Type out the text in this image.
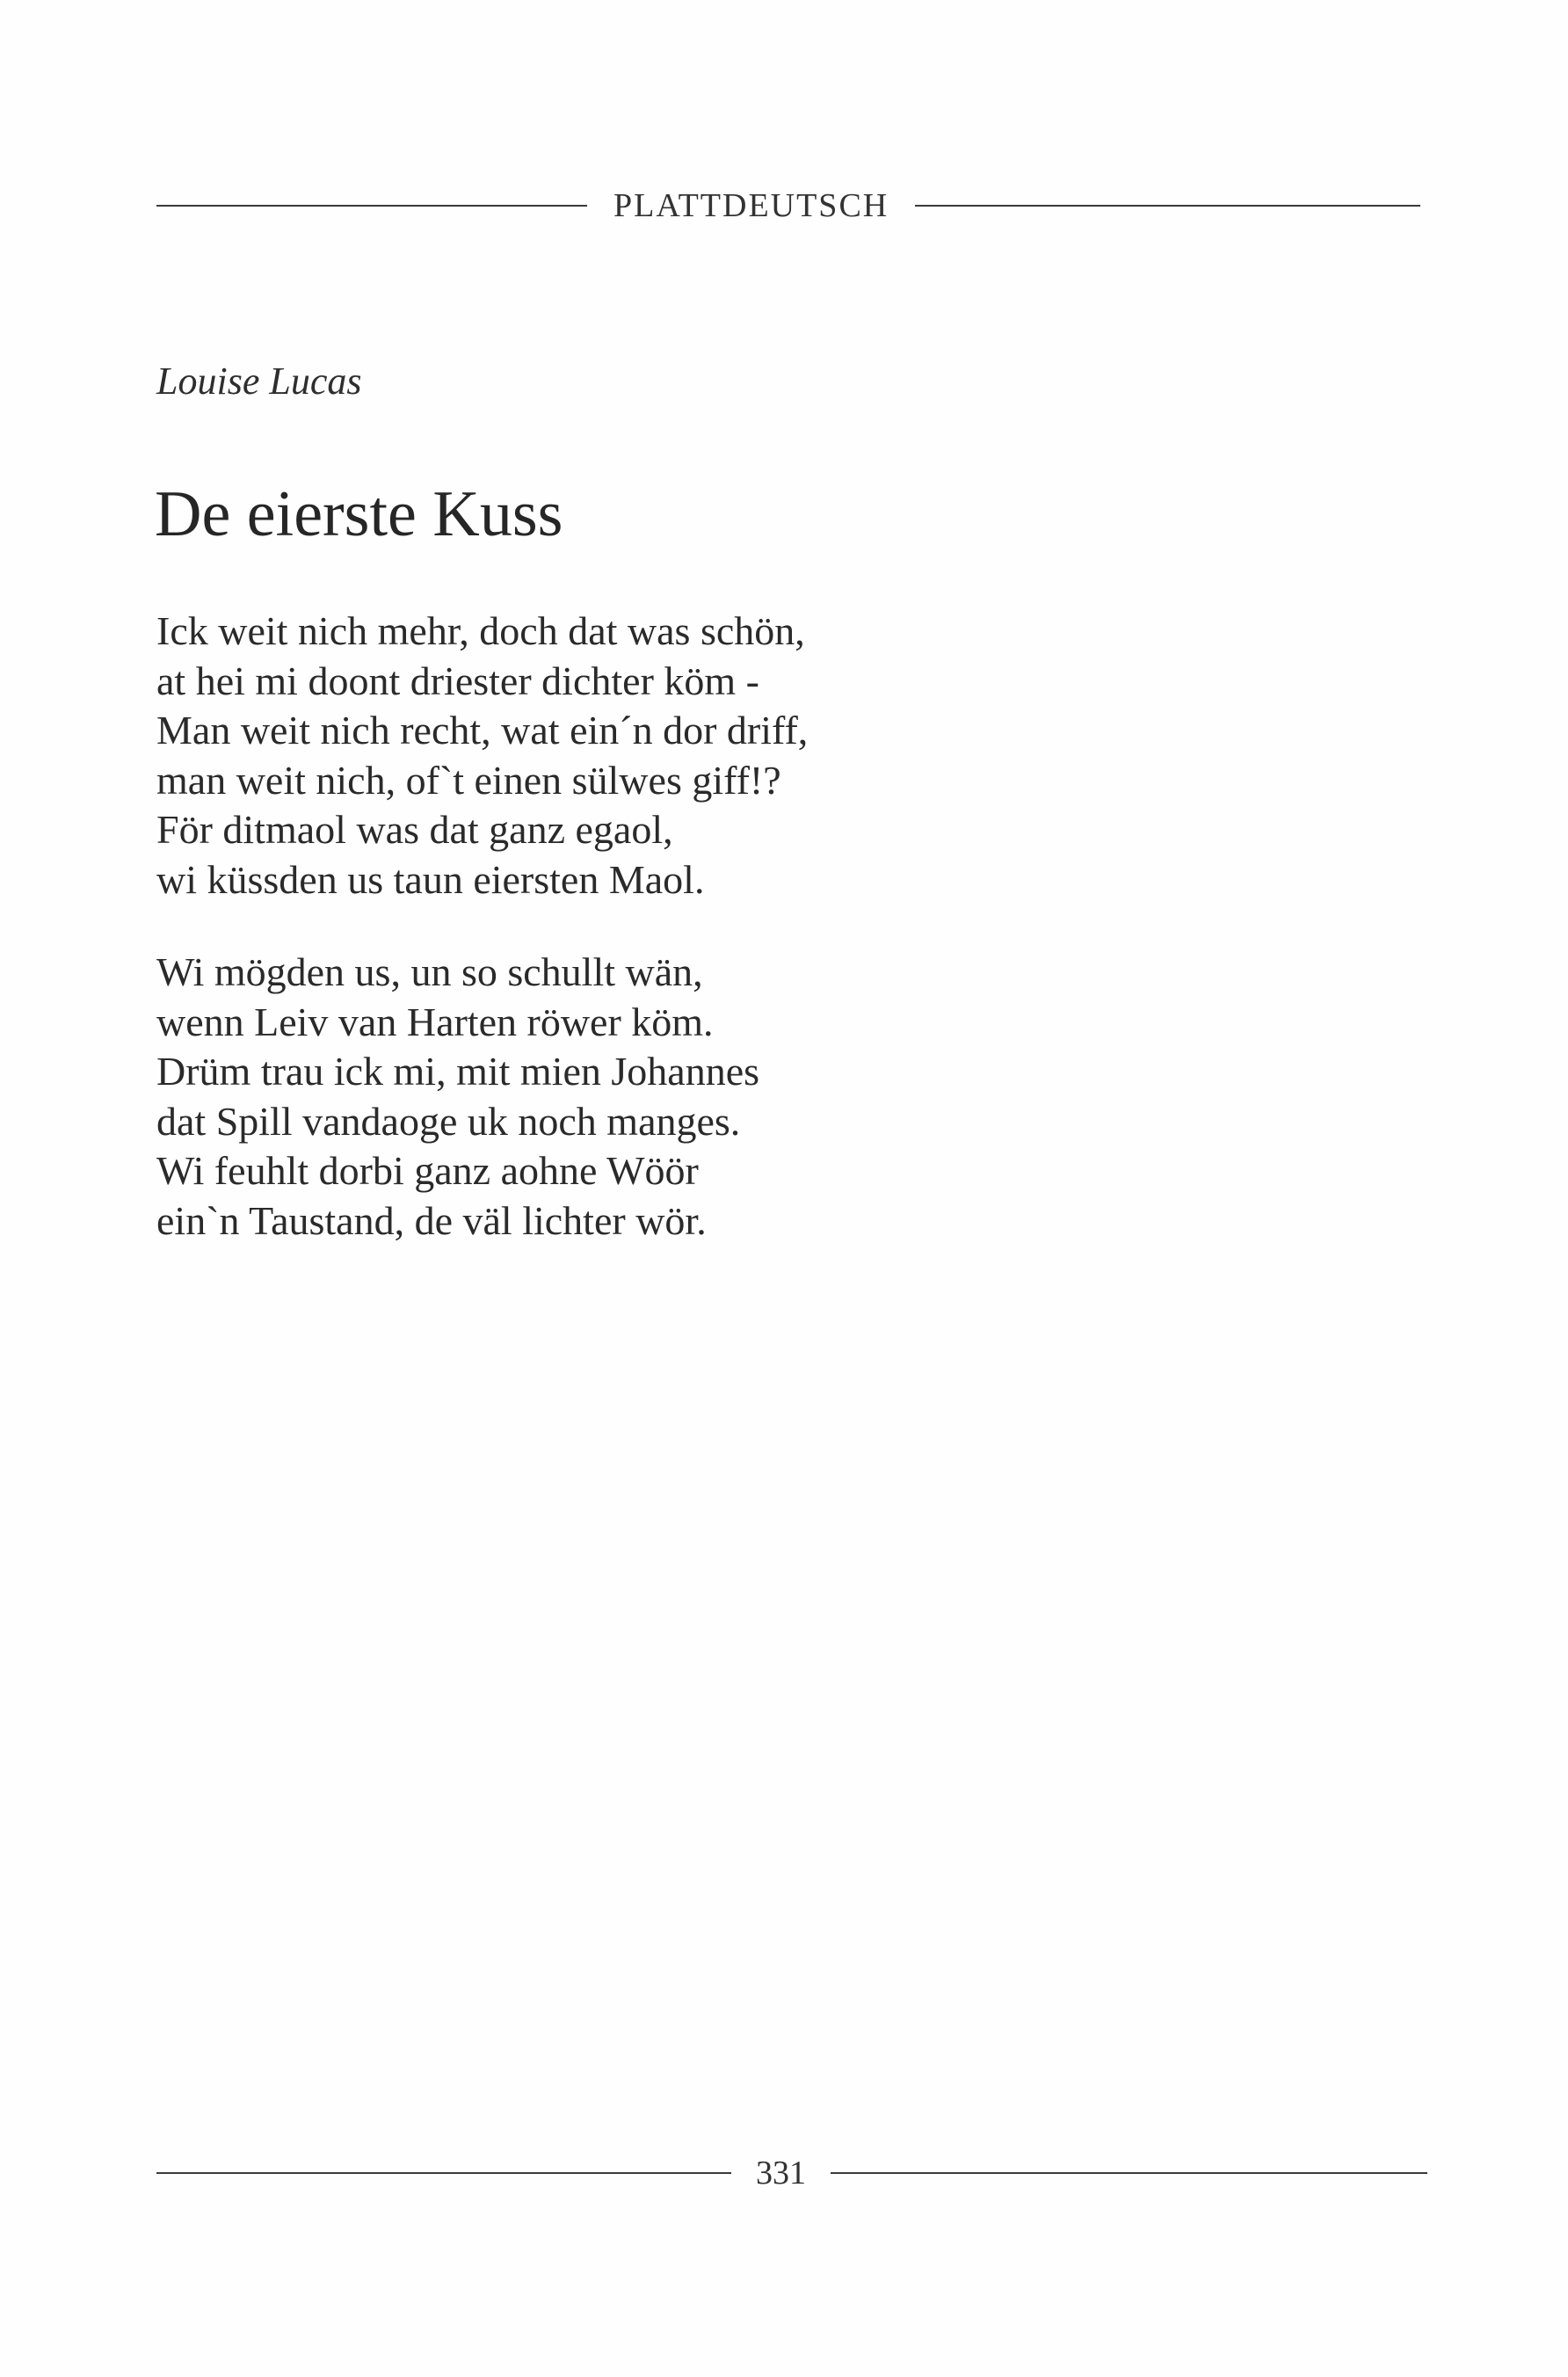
PLATTDEUTSCH
Louise Lucas
De eierste Kuss

Ick weit nich mehr, doch dat was schön,
at hei mi doont driester dichter köm -
Man weit nich recht, wat ein´n dor driff,
man weit nich, of`t einen sülwes giff!?
För ditmaol was dat ganz egaol,
wi küssden us taun eiersten Maol.

Wi mögden us, un so schullt wän,
wenn Leiv van Harten röwer köm.
Drüm trau ick mi, mit mien Johannes
dat Spill vandaoge uk noch manges.
Wi feuhlt dorbi ganz aohne Wöör
ein`n Taustand, de väl lichter wör.

331
